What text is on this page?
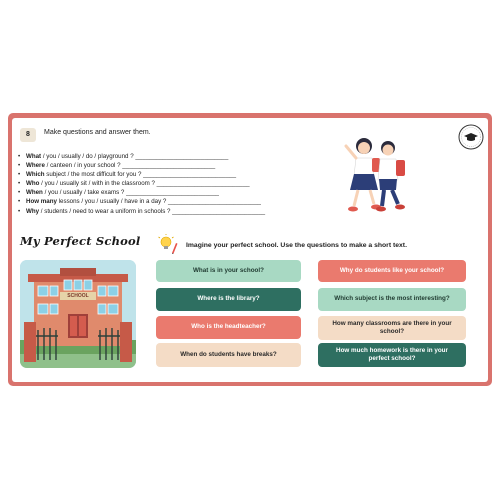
8	Make questions and answer them.
• What / you / usually / do / playground ? ___________________________
• Where / canteen / in your school ? ___________________________
• Which subject / the most difficult for you ? ___________________________
• Who / you / usually sit / with in the classroom ? ___________________________
• When / you / usually / take exams ? ___________________________
• How many lessons / you / usually / have in a day ? ___________________________
• Why / students / need to wear a uniform in schools ? ___________________________
My Perfect School	Imagine your perfect school. Use the questions to make a short text.
SCHOOL
What is in your school?
Where is the library?
Who is the headteacher?
When do students have breaks?
Why do students like your school?
Which subject is the most interesting?
How many classrooms are there in your school?
How much homework is there in your perfect school?
